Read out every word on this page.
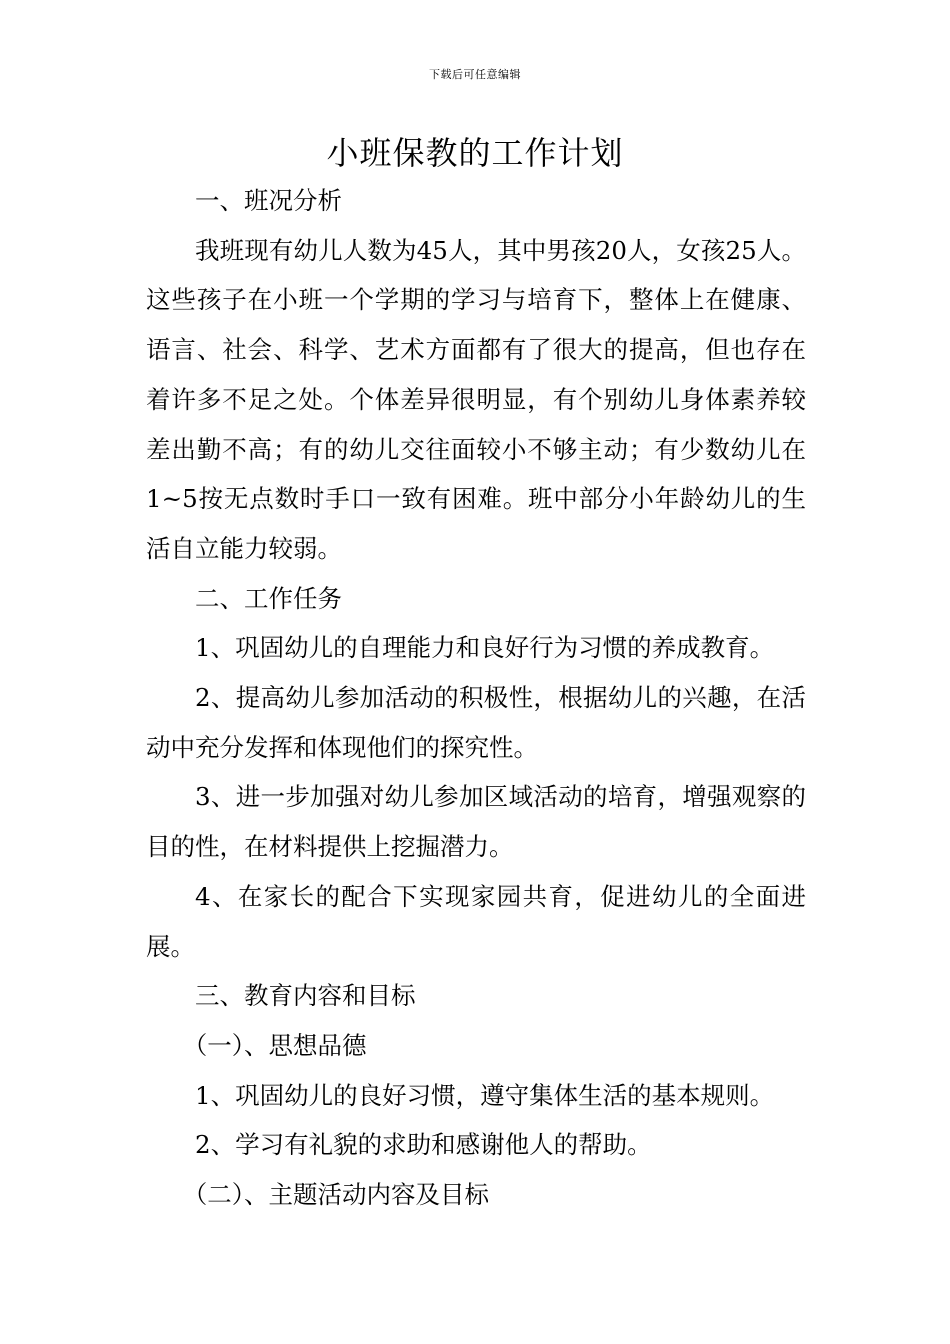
下载后可任意编辑
小班保教的工作计划

一、班况分析

我班现有幼儿人数为45人，其中男孩20人，女孩25人。这些孩子在小班一个学期的学习与培育下，整体上在健康、语言、社会、科学、艺术方面都有了很大的提高，但也存在着许多不足之处。个体差异很明显，有个别幼儿身体素养较差出勤不高；有的幼儿交往面较小不够主动；有少数幼儿在1~5按无点数时手口一致有困难。班中部分小年龄幼儿的生活自立能力较弱。

二、工作任务

1、巩固幼儿的自理能力和良好行为习惯的养成教育。

2、提高幼儿参加活动的积极性，根据幼儿的兴趣，在活动中充分发挥和体现他们的探究性。

3、进一步加强对幼儿参加区域活动的培育，增强观察的目的性，在材料提供上挖掘潜力。

4、在家长的配合下实现家园共育，促进幼儿的全面进展。

三、教育内容和目标

（一）、思想品德

1、巩固幼儿的良好习惯，遵守集体生活的基本规则。

2、学习有礼貌的求助和感谢他人的帮助。

（二）、主题活动内容及目标
